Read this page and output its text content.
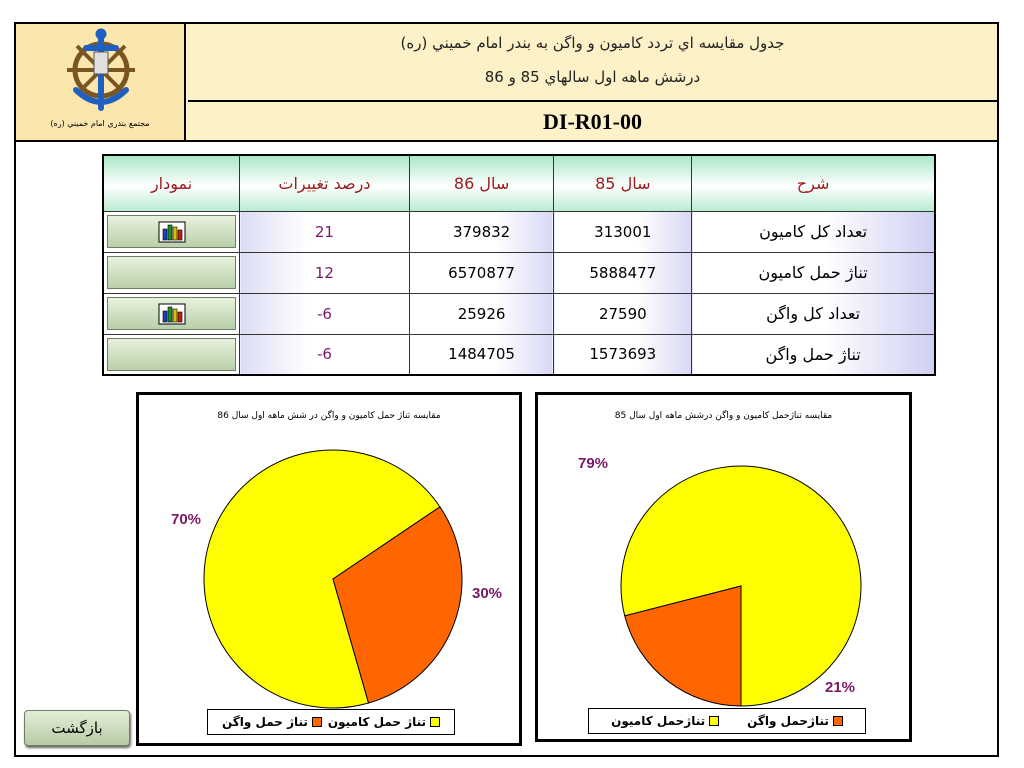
مجتمع بندري امام خميني (ره)
جدول مقايسه اي تردد کاميون و واگن به بندر امام خميني (ره)
درشش ماهه اول سالهاي 85 و 86
DI-R01-00
نمودار	درصد تغييرات	سال 86	سال 85	شرح

	21	379832	313001	تعداد کل کاميون

	12	6570877	5888477	تناژ حمل کاميون

	-6	25926	27590	تعداد کل واگن

	-6	1484705	1573693	تناژ حمل واگن
مقايسه تناژ حمل کاميون و واگن در شش ماهه اول سال 86
70%
30%
تناژ حمل کاميون
تناژ حمل واگن
مقايسه تناژحمل کاميون و واگن درشش ماهه اول سال 85
79%
21%
تناژحمل واگن
تناژحمل کاميون
بازگشت
